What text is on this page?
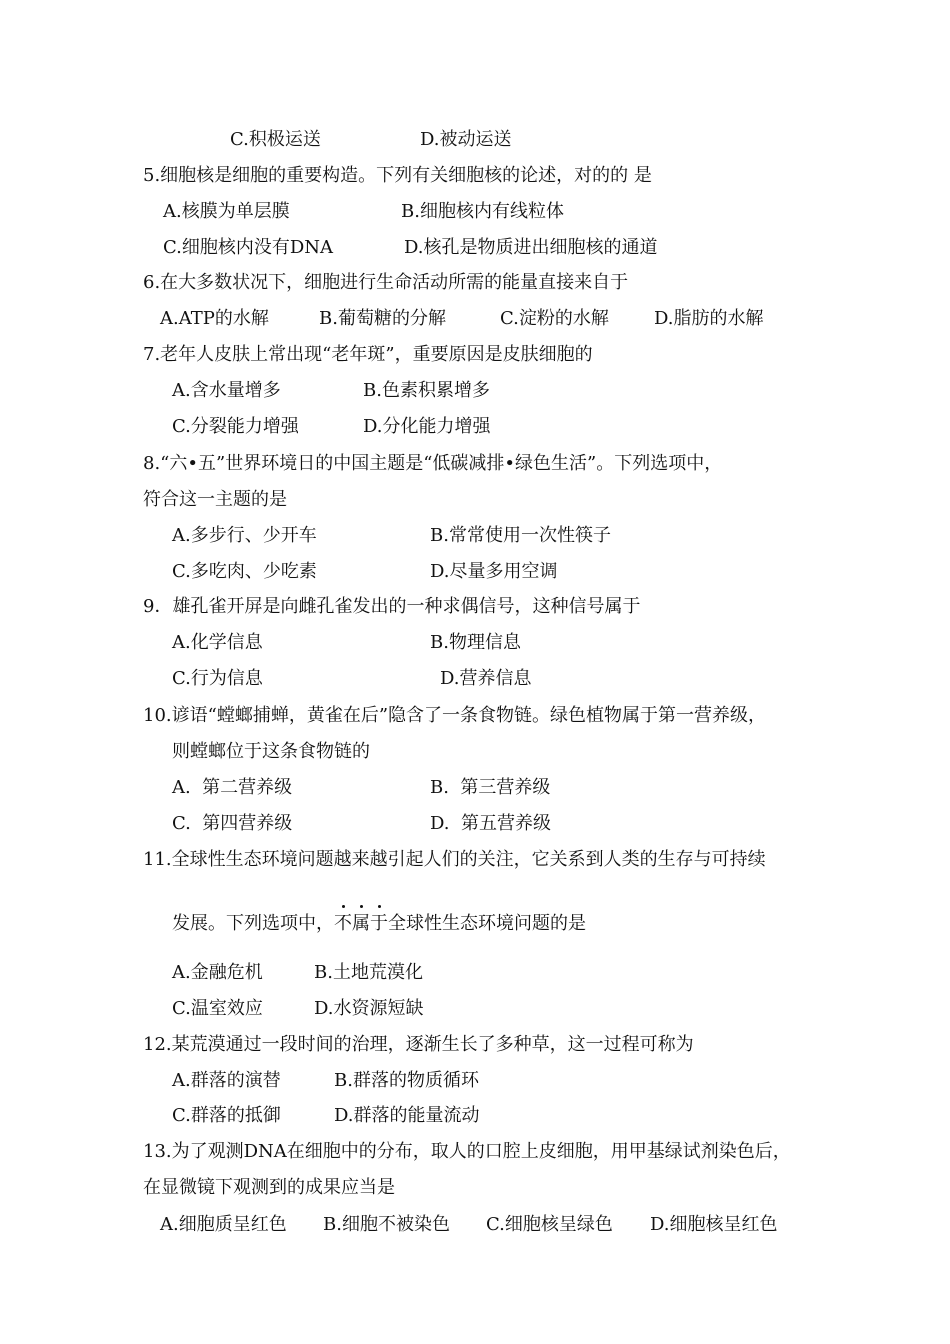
C.积极运送	D.被动运送
5.细胞核是细胞的重要构造。下列有关细胞核的论述，对的的 是
A.核膜为单层膜	B.细胞核内有线粒体
C.细胞核内没有DNA	D.核孔是物质进出细胞核的通道
6.在大多数状况下，细胞进行生命活动所需的能量直接来自于
A.ATP的水解	B.葡萄糖的分解	C.淀粉的水解	D.脂肪的水解
7.老年人皮肤上常出现“老年斑”，重要原因是皮肤细胞的
A.含水量增多	B.色素积累增多
C.分裂能力增强	D.分化能力增强
8.“六•五”世界环境日的中国主题是“低碳减排•绿色生活”。下列选项中，
符合这一主题的是
A.多步行、少开车	B.常常使用一次性筷子
C.多吃肉、少吃素	D.尽量多用空调
9．雄孔雀开屏是向雌孔雀发出的一种求偶信号，这种信号属于
A.化学信息	B.物理信息
C.行为信息	D.营养信息
10.谚语“螳螂捕蝉，黄雀在后”隐含了一条食物链。绿色植物属于第一营养级，
则螳螂位于这条食物链的
A.  第二营养级	B.  第三营养级
C.  第四营养级	D.  第五营养级
11.全球性生态环境问题越来越引起人们的关注，它关系到人类的生存与可持续
发展。下列选项中，不属于全球性生态环境问题的是
A.金融危机	B.土地荒漠化
C.温室效应	D.水资源短缺
12.某荒漠通过一段时间的治理，逐渐生长了多种草，这一过程可称为
A.群落的演替	B.群落的物质循环
C.群落的抵御	D.群落的能量流动
13.为了观测DNA在细胞中的分布，取人的口腔上皮细胞，用甲基绿试剂染色后，
在显微镜下观测到的成果应当是
A.细胞质呈红色 B.细胞不被染色 C.细胞核呈绿色 D.细胞核呈红色
